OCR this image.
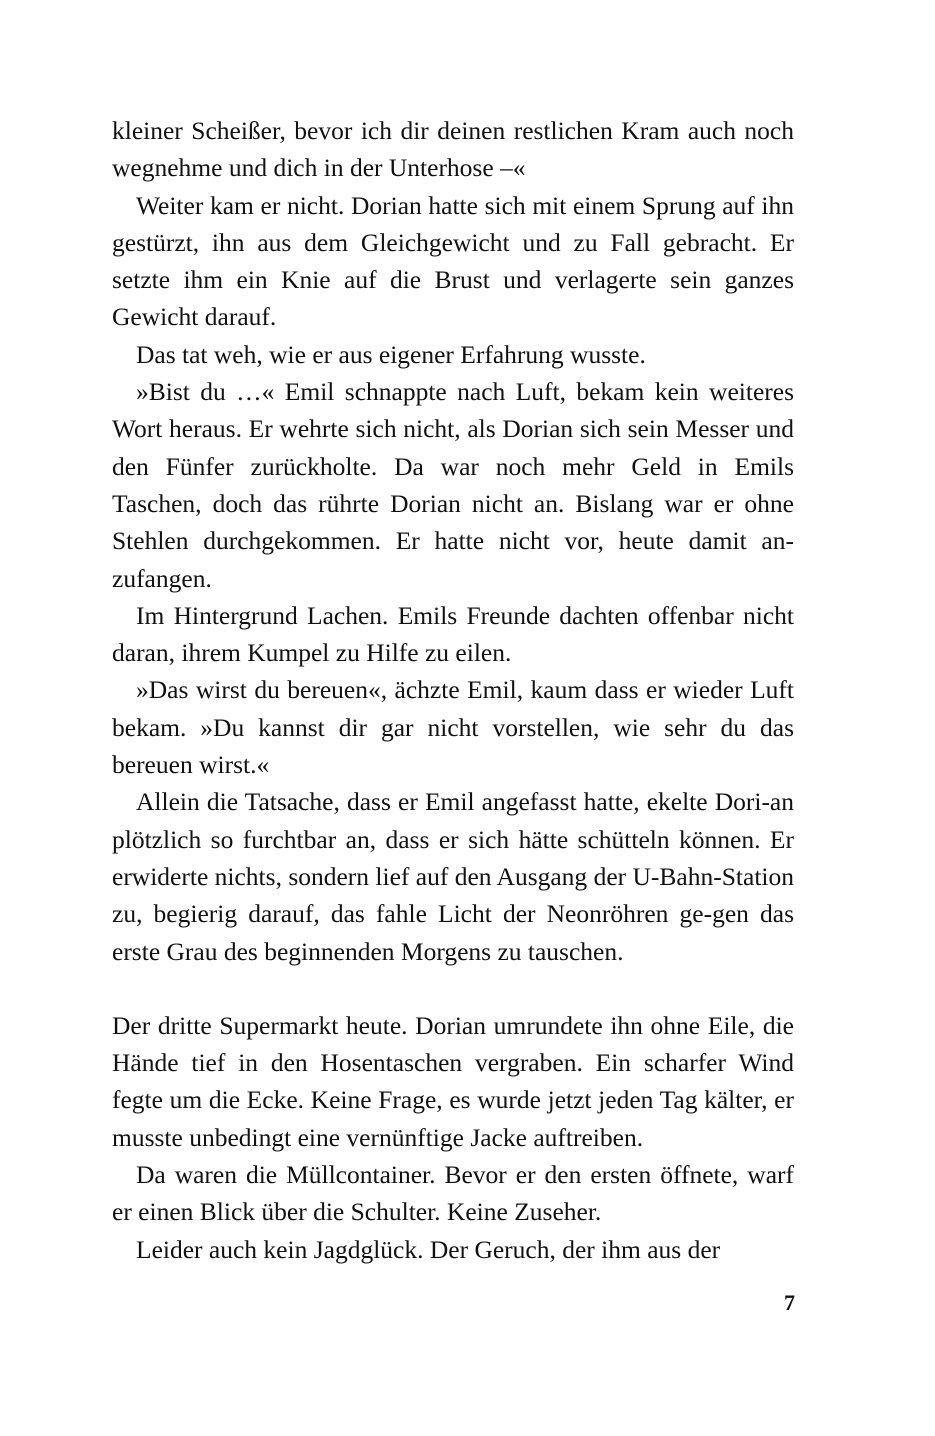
kleiner Scheißer, bevor ich dir deinen restlichen Kram auch noch wegnehme und dich in der Unterhose –«

Weiter kam er nicht. Dorian hatte sich mit einem Sprung auf ihn gestürzt, ihn aus dem Gleichgewicht und zu Fall gebracht. Er setzte ihm ein Knie auf die Brust und verlagerte sein ganzes Gewicht darauf.

Das tat weh, wie er aus eigener Erfahrung wusste.

»Bist du …« Emil schnappte nach Luft, bekam kein weiteres Wort heraus. Er wehrte sich nicht, als Dorian sich sein Messer und den Fünfer zurückholte. Da war noch mehr Geld in Emils Taschen, doch das rührte Dorian nicht an. Bislang war er ohne Stehlen durchgekommen. Er hatte nicht vor, heute damit an-zufangen.

Im Hintergrund Lachen. Emils Freunde dachten offenbar nicht daran, ihrem Kumpel zu Hilfe zu eilen.

»Das wirst du bereuen«, ächzte Emil, kaum dass er wieder Luft bekam. »Du kannst dir gar nicht vorstellen, wie sehr du das bereuen wirst.«

Allein die Tatsache, dass er Emil angefasst hatte, ekelte Dori-an plötzlich so furchtbar an, dass er sich hätte schütteln können. Er erwiderte nichts, sondern lief auf den Ausgang der U-Bahn-Station zu, begierig darauf, das fahle Licht der Neonröhren ge-gen das erste Grau des beginnenden Morgens zu tauschen.

Der dritte Supermarkt heute. Dorian umrundete ihn ohne Eile, die Hände tief in den Hosentaschen vergraben. Ein scharfer Wind fegte um die Ecke. Keine Frage, es wurde jetzt jeden Tag kälter, er musste unbedingt eine vernünftige Jacke auftreiben.

Da waren die Müllcontainer. Bevor er den ersten öffnete, warf er einen Blick über die Schulter. Keine Zuseher.

Leider auch kein Jagdglück. Der Geruch, der ihm aus der

7
